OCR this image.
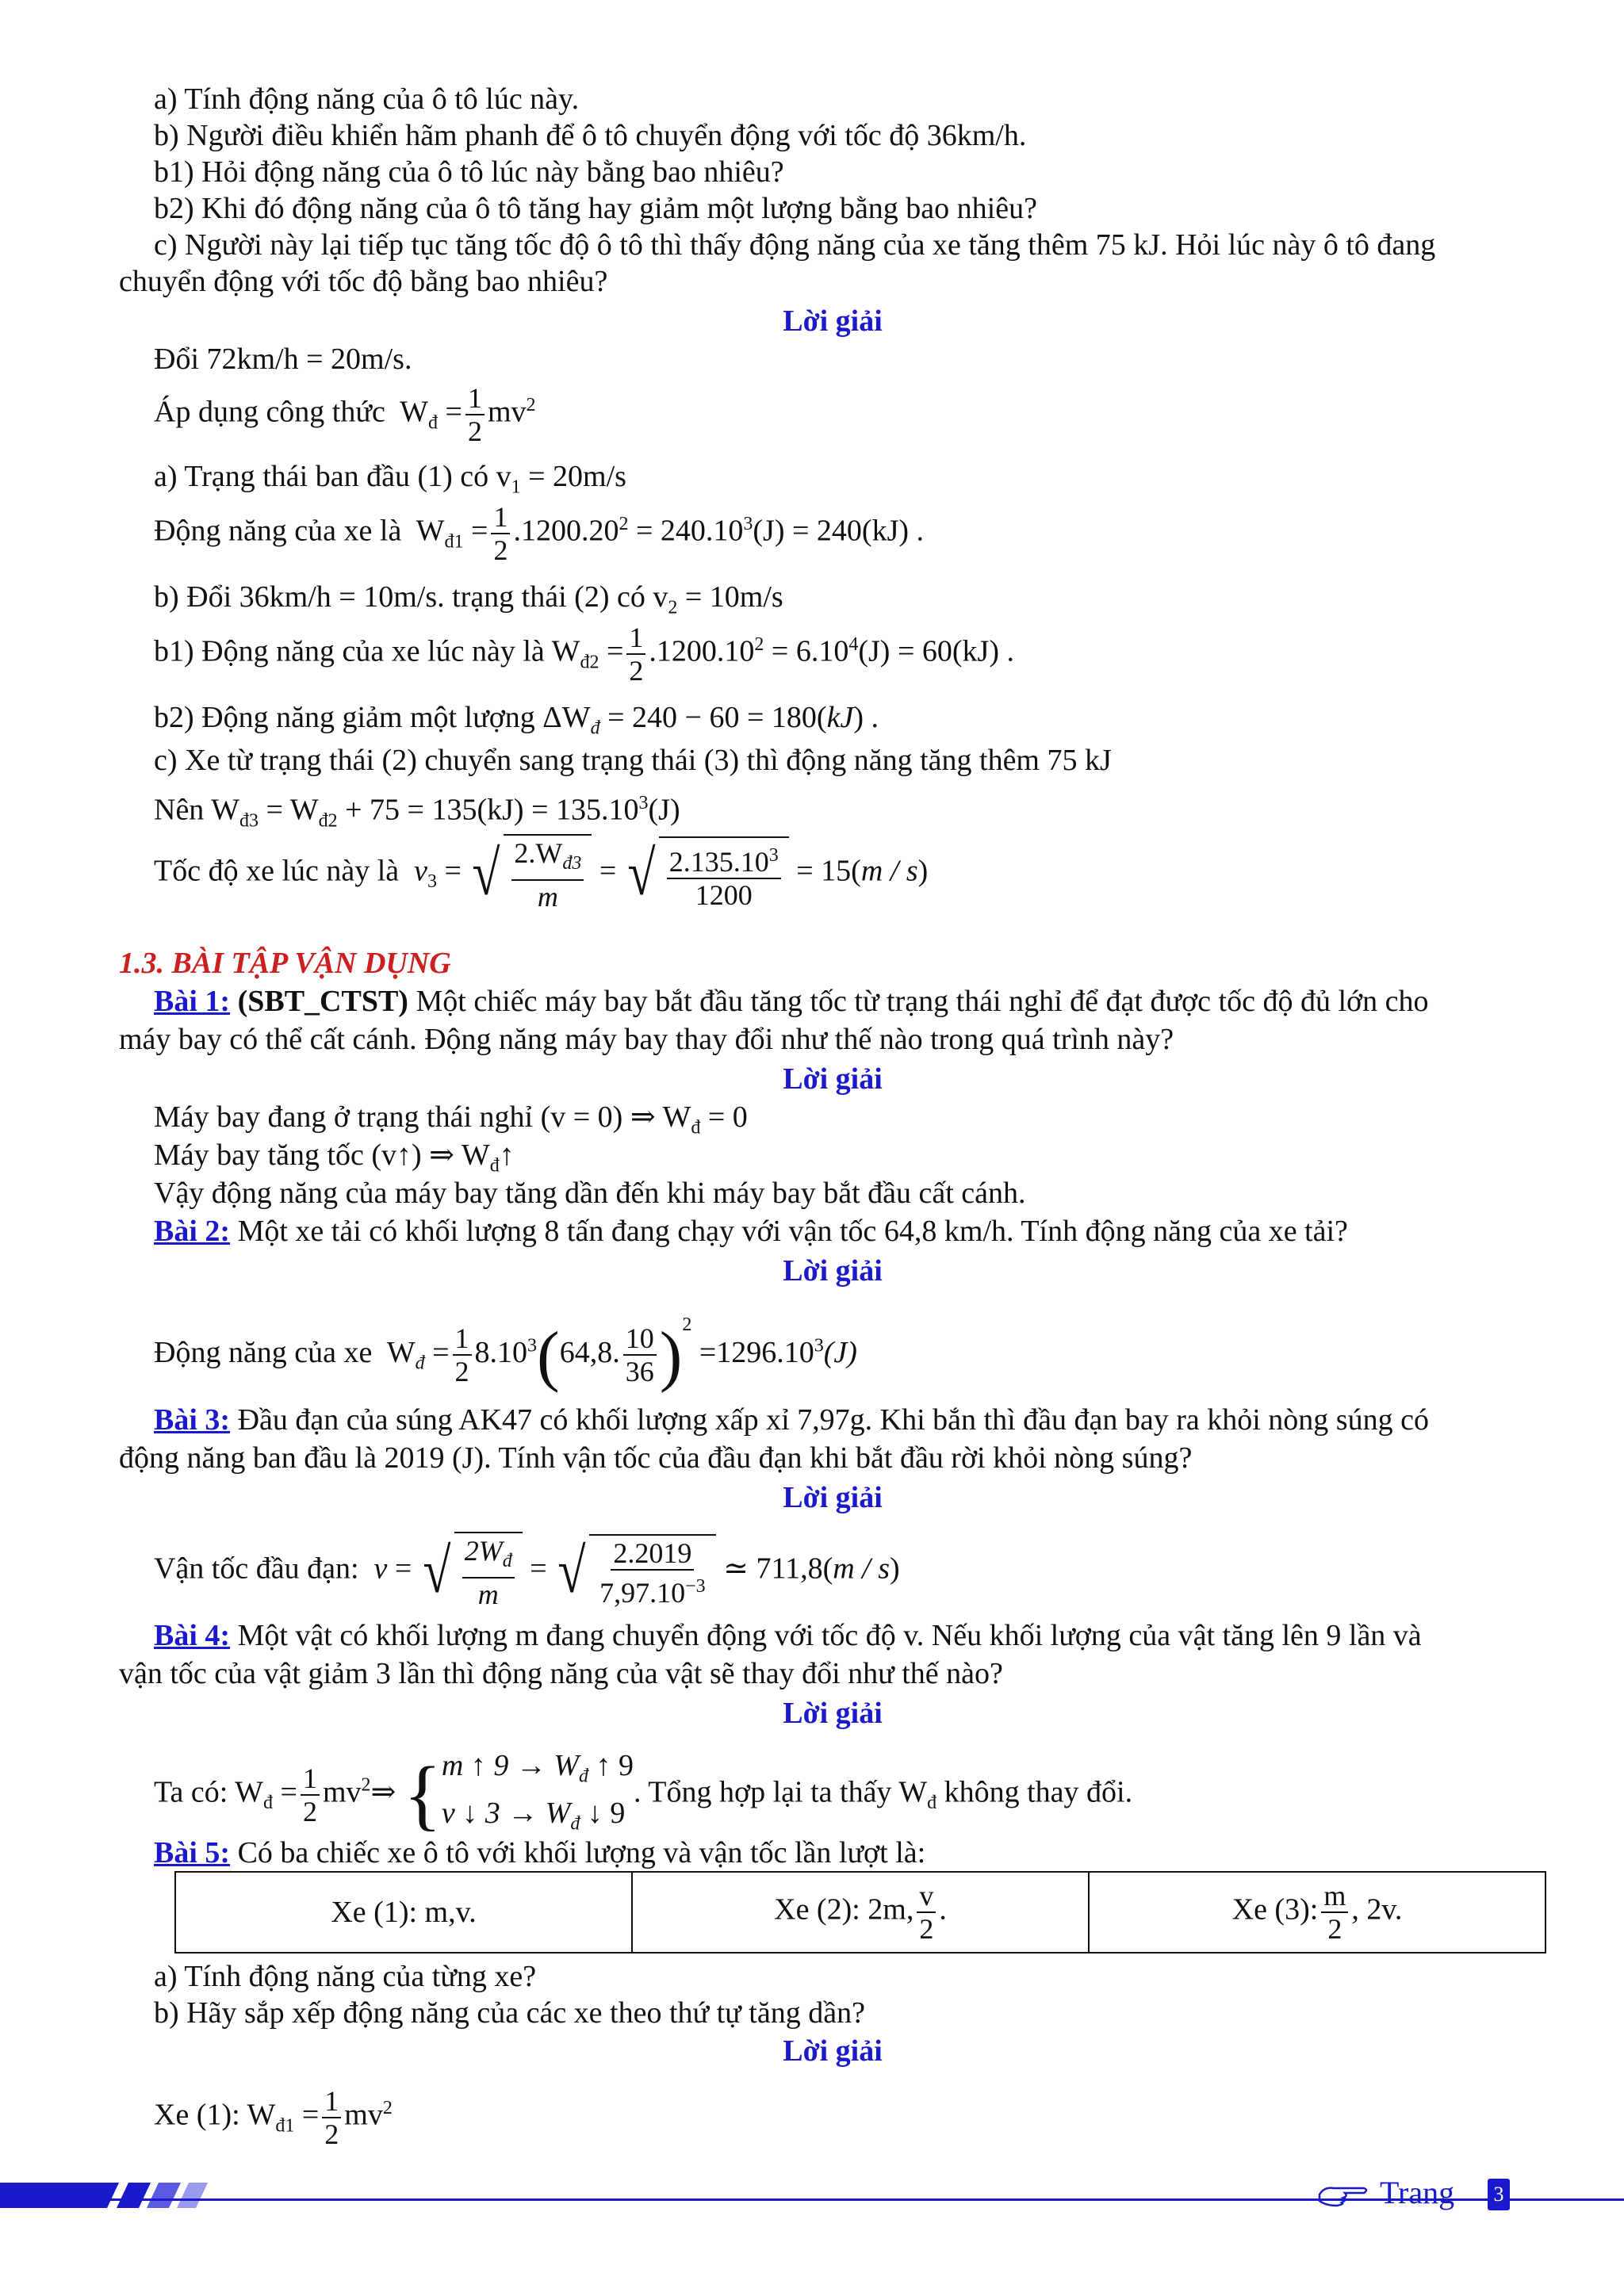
a) Tính động năng của ô tô lúc này.
b) Người điều khiển hãm phanh để ô tô chuyển động với tốc độ 36km/h.
b1) Hỏi động năng của ô tô lúc này bằng bao nhiêu?
b2) Khi đó động năng của ô tô tăng hay giảm một lượng bằng bao nhiêu?
c) Người này lại tiếp tục tăng tốc độ ô tô thì thấy động năng của xe tăng thêm 75 kJ. Hỏi lúc này ô tô đang
chuyển động với tốc độ bằng bao nhiêu?
Lời giải
Đổi 72km/h = 20m/s.
Áp dụng công thức  $W_đ = \frac{1}{2} mv^2$
a) Trạng thái ban đầu (1) có $v_1 = 20m/s$
Động năng của xe là  $W_{đ1} = \frac{1}{2} .1200.20^2 = 240.10^3(J) = 240(kJ)$ .
b) Đổi 36km/h = 10m/s. trạng thái (2) có $v_2 = 10m/s$
b1) Động năng của xe lúc này là $W_{đ2} = \frac{1}{2} .1200.10^2 = 6.10^4(J) = 60(kJ)$ .
b2) Động năng giảm một lượng $\Delta W_đ = 240 - 60 = 180(kJ)$ .
c) Xe từ trạng thái (2) chuyển sang trạng thái (3) thì động năng tăng thêm 75 kJ
Nên $W_{đ3} = W_{đ2} + 75 = 135(kJ) = 135.10^3(J)$
Tốc độ xe lúc này là $v_3$ = √ $\frac{2.W_{đ3}}{m}$ = √ $\frac{2.135.10^3}{1200} = 15(m / s)$
1.3. BÀI TẬP VẬN DỤNG
Bài 1: (SBT_CTST) Một chiếc máy bay bắt đầu tăng tốc từ trạng thái nghỉ để đạt được tốc độ đủ lớn cho
máy bay có thể cất cánh. Động năng máy bay thay đổi như thế nào trong quá trình này?
Lời giải
Máy bay đang ở trạng thái nghỉ (v = 0) ⇒ $W_đ = 0$
Máy bay tăng tốc (v↑) ⇒ $W_đ↑$
Vậy động năng của máy bay tăng dần đến khi máy bay bắt đầu cất cánh.
Bài 2: Một xe tải có khối lượng 8 tấn đang chạy với vận tốc 64,8 km/h. Tính động năng của xe tải?
Lời giải
Động năng của xe  $W_đ = \frac{1}{2} 8.10^3(64,8$. $\frac{10}{36} )^2 =1296.10^3(J)$
Bài 3: Đầu đạn của súng AK47 có khối lượng xấp xỉ 7,97g. Khi bắn thì đầu đạn bay ra khỏi nòng súng có
động năng ban đầu là 2019 (J). Tính vận tốc của đầu đạn khi bắt đầu rời khỏi nòng súng?
Lời giải
Vận tốc đầu đạn: v = √ $\frac{2W_đ}{m}$ = √ $\frac{2.2019}{7,97.10^{-3}}$ ≃ 711,8(m / s)
Bài 4: Một vật có khối lượng m đang chuyển động với tốc độ v. Nếu khối lượng của vật tăng lên 9 lần và
vận tốc của vật giảm 3 lần thì động năng của vật sẽ thay đổi như thế nào?
Lời giải
Ta có: $W_đ = \frac{1}{2}$ $mv^2\Rightarrow$ { m ↑ $9 \to W_đ$ ↑ 9
v ↓ $3 \to W_đ$ ↓ 9
. Tổng hợp lại ta thấy $W_đ$ không thay đổi.
Bài 5: Có ba chiếc xe ô tô với khối lượng và vận tốc lần lượt là:
Xe (1): m,v.	Xe (2): 2m, $\frac{v}{2}$ .	Xe (3): $\frac{m}{2}$ , 2v.
a) Tính động năng của từng xe?
b) Hãy sắp xếp động năng của các xe theo thứ tự tăng dần?
Lời giải
Xe (1): $W_{đ1} = \frac{1}{2} mv^2$
Trang 3
